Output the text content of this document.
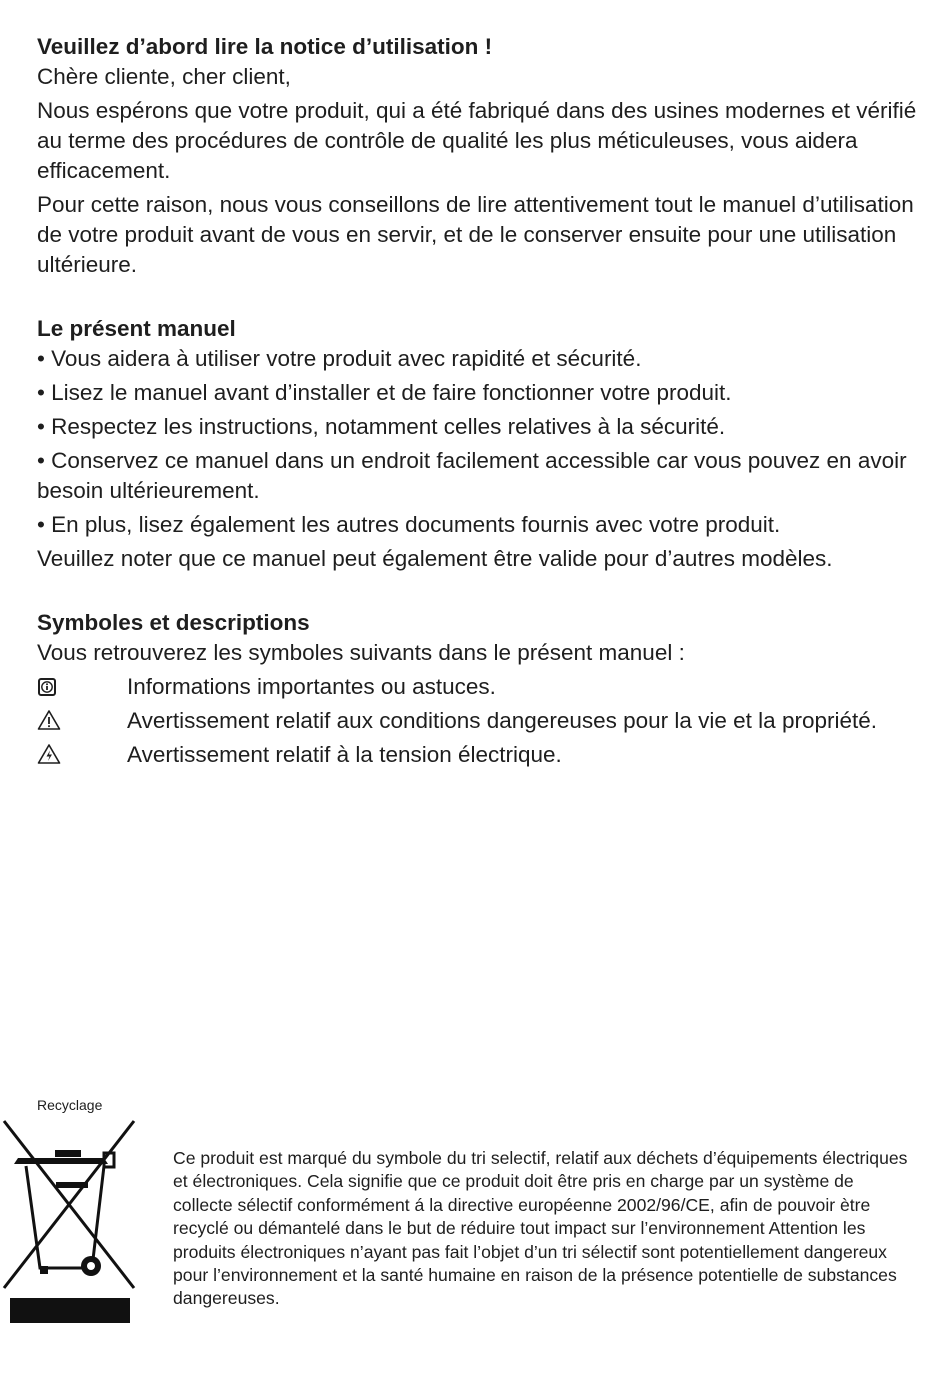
Veuillez d’abord lire la notice d’utilisation !

Chère cliente, cher client,

Nous espérons que votre produit, qui a été fabriqué dans des usines modernes et vérifié au terme des procédures de contrôle de qualité les plus méticuleuses, vous aidera efficacement.

Pour cette raison, nous vous conseillons de lire attentivement tout le manuel d’utilisation de votre produit avant de vous en servir, et de le conserver ensuite pour une utilisation ultérieure.

Le présent manuel

• Vous aidera à utiliser votre produit avec rapidité et sécurité.

• Lisez le manuel avant d’installer et de faire fonctionner votre produit.

• Respectez les instructions, notamment celles relatives à la sécurité.

• Conservez ce manuel dans un endroit facilement accessible car vous pouvez en avoir besoin ultérieurement.

• En plus, lisez également les autres documents fournis avec votre produit.

Veuillez noter que ce manuel peut également être valide pour d’autres modèles.

Symboles et descriptions

Vous retrouverez les symboles suivants dans le présent manuel :

Informations importantes ou astuces.
Avertissement relatif aux conditions dangereuses pour la vie et la propriété.
Avertissement relatif à la tension électrique.
Recyclage

Ce produit est marqué du symbole du tri selectif, relatif aux déchets d’équipements électriques et électroniques. Cela signifie que ce produit doit être pris en charge par un système de collecte sélectif conformément á la directive européenne 2002/96/CE, afin de pouvoir ètre recyclé ou démantelé dans le but de réduire tout impact sur l’environnement Attention les produits électroniques n’ayant pas fait l’objet d’un tri sélectif sont potentiellement dangereux pour l’environnement et la santé humaine en raison de la présence potentielle de substances dangereuses.
